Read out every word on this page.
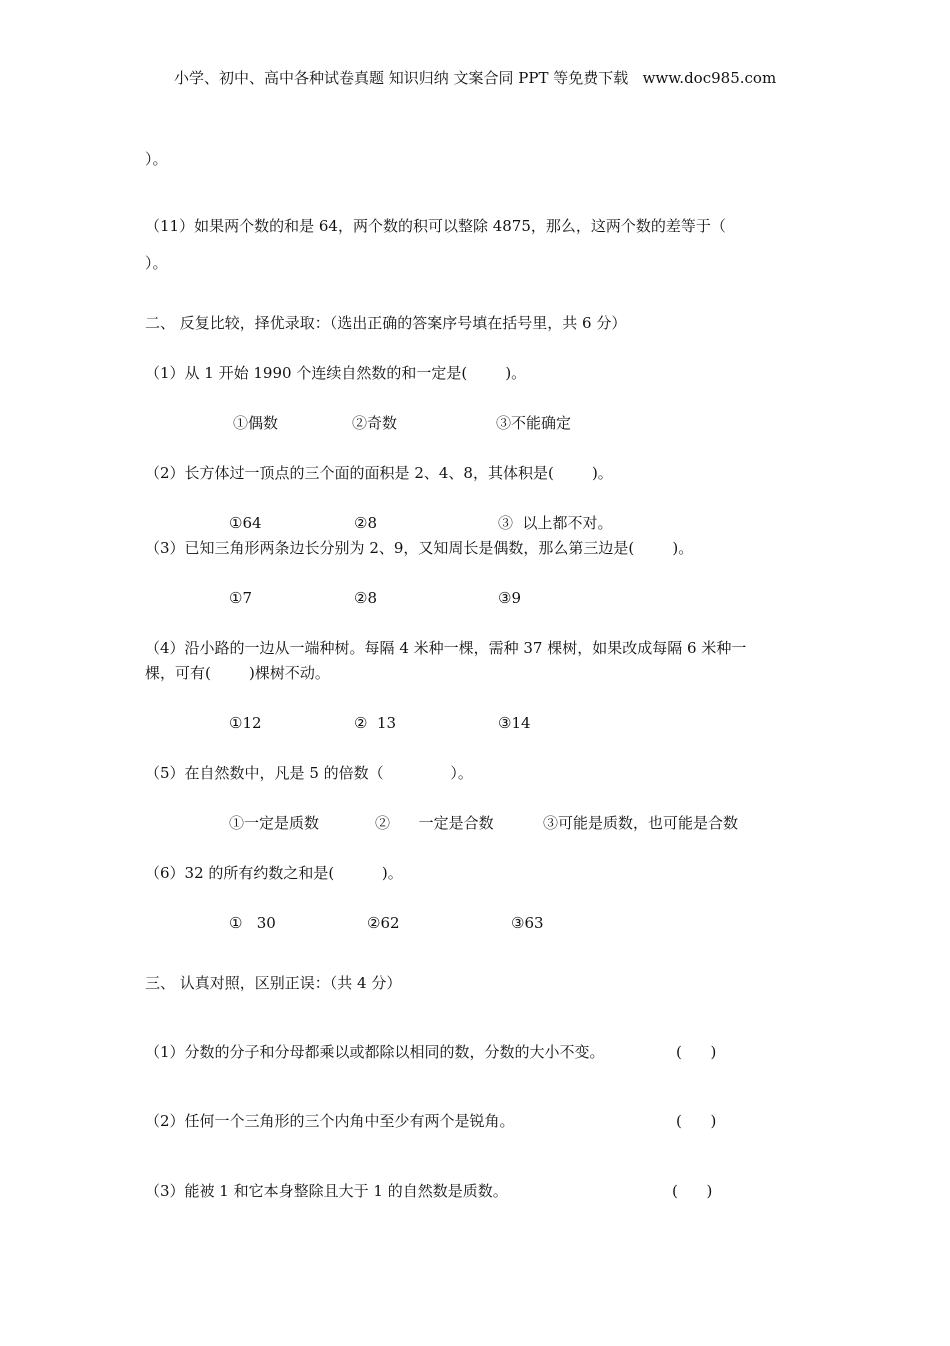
小学、初中、高中各种试卷真题 知识归纳 文案合同 PPT 等免费下载   www.doc985.com
）。
（11）如果两个数的和是 64，两个数的积可以整除 4875，那么，这两个数的差等于（
）。
二、 反复比较，择优录取：（选出正确的答案序号填在括号里，共 6 分）
（1）从 1 开始 1990 个连续自然数的和一定是(        )。
①偶数	②奇数	③不能确定
（2）长方体过一顶点的三个面的面积是 2、4、8，其体积是(        )。
①64	②8	③  以上都不对。
（3）已知三角形两条边长分别为 2、9，又知周长是偶数，那么第三边是(        )。
①7	②8	③9
（4）沿小路的一边从一端种树。每隔 4 米种一棵，需种 37 棵树，如果改成每隔 6 米种一
棵，可有(        )棵树不动。
①12	②  13	③14
（5）在自然数中，凡是 5 的倍数（              ）。
①一定是质数	②      一定是合数	③可能是质数，也可能是合数
（6）32 的所有约数之和是(          )。
①   30	②62	③63
三、 认真对照，区别正误：（共 4 分）
（1）分数的分子和分母都乘以或都除以相同的数，分数的大小不变。	(      )
（2）任何一个三角形的三个内角中至少有两个是锐角。	(      )
（3）能被 1 和它本身整除且大于 1 的自然数是质数。	(      )
